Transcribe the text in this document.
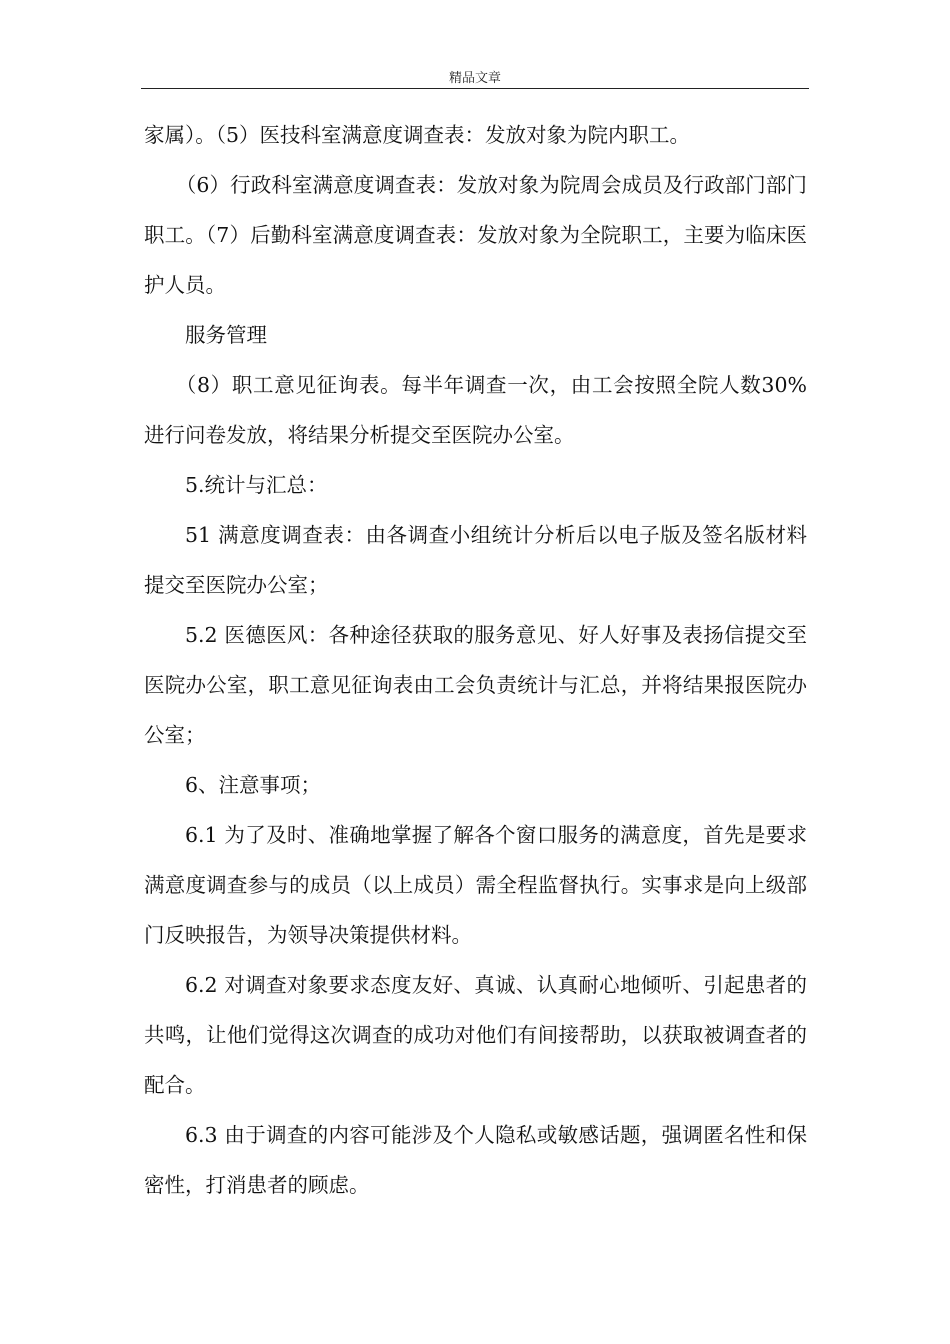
精品文章

家属）。（5）医技科室满意度调查表：发放对象为院内职工。

（6）行政科室满意度调查表：发放对象为院周会成员及行政部门部门职工。（7）后勤科室满意度调查表：发放对象为全院职工，主要为临床医护人员。

服务管理

（8）职工意见征询表。每半年调查一次，由工会按照全院人数30%进行问卷发放，将结果分析提交至医院办公室。

5.统计与汇总：

51 满意度调查表：由各调查小组统计分析后以电子版及签名版材料提交至医院办公室；

5.2 医德医风：各种途径获取的服务意见、好人好事及表扬信提交至医院办公室，职工意见征询表由工会负责统计与汇总，并将结果报医院办公室；

6、注意事项；

6.1 为了及时、准确地掌握了解各个窗口服务的满意度，首先是要求满意度调查参与的成员（以上成员）需全程监督执行。实事求是向上级部门反映报告，为领导决策提供材料。

6.2 对调查对象要求态度友好、真诚、认真耐心地倾听、引起患者的共鸣，让他们觉得这次调查的成功对他们有间接帮助，以获取被调查者的配合。

6.3 由于调查的内容可能涉及个人隐私或敏感话题，强调匿名性和保密性，打消患者的顾虑。
